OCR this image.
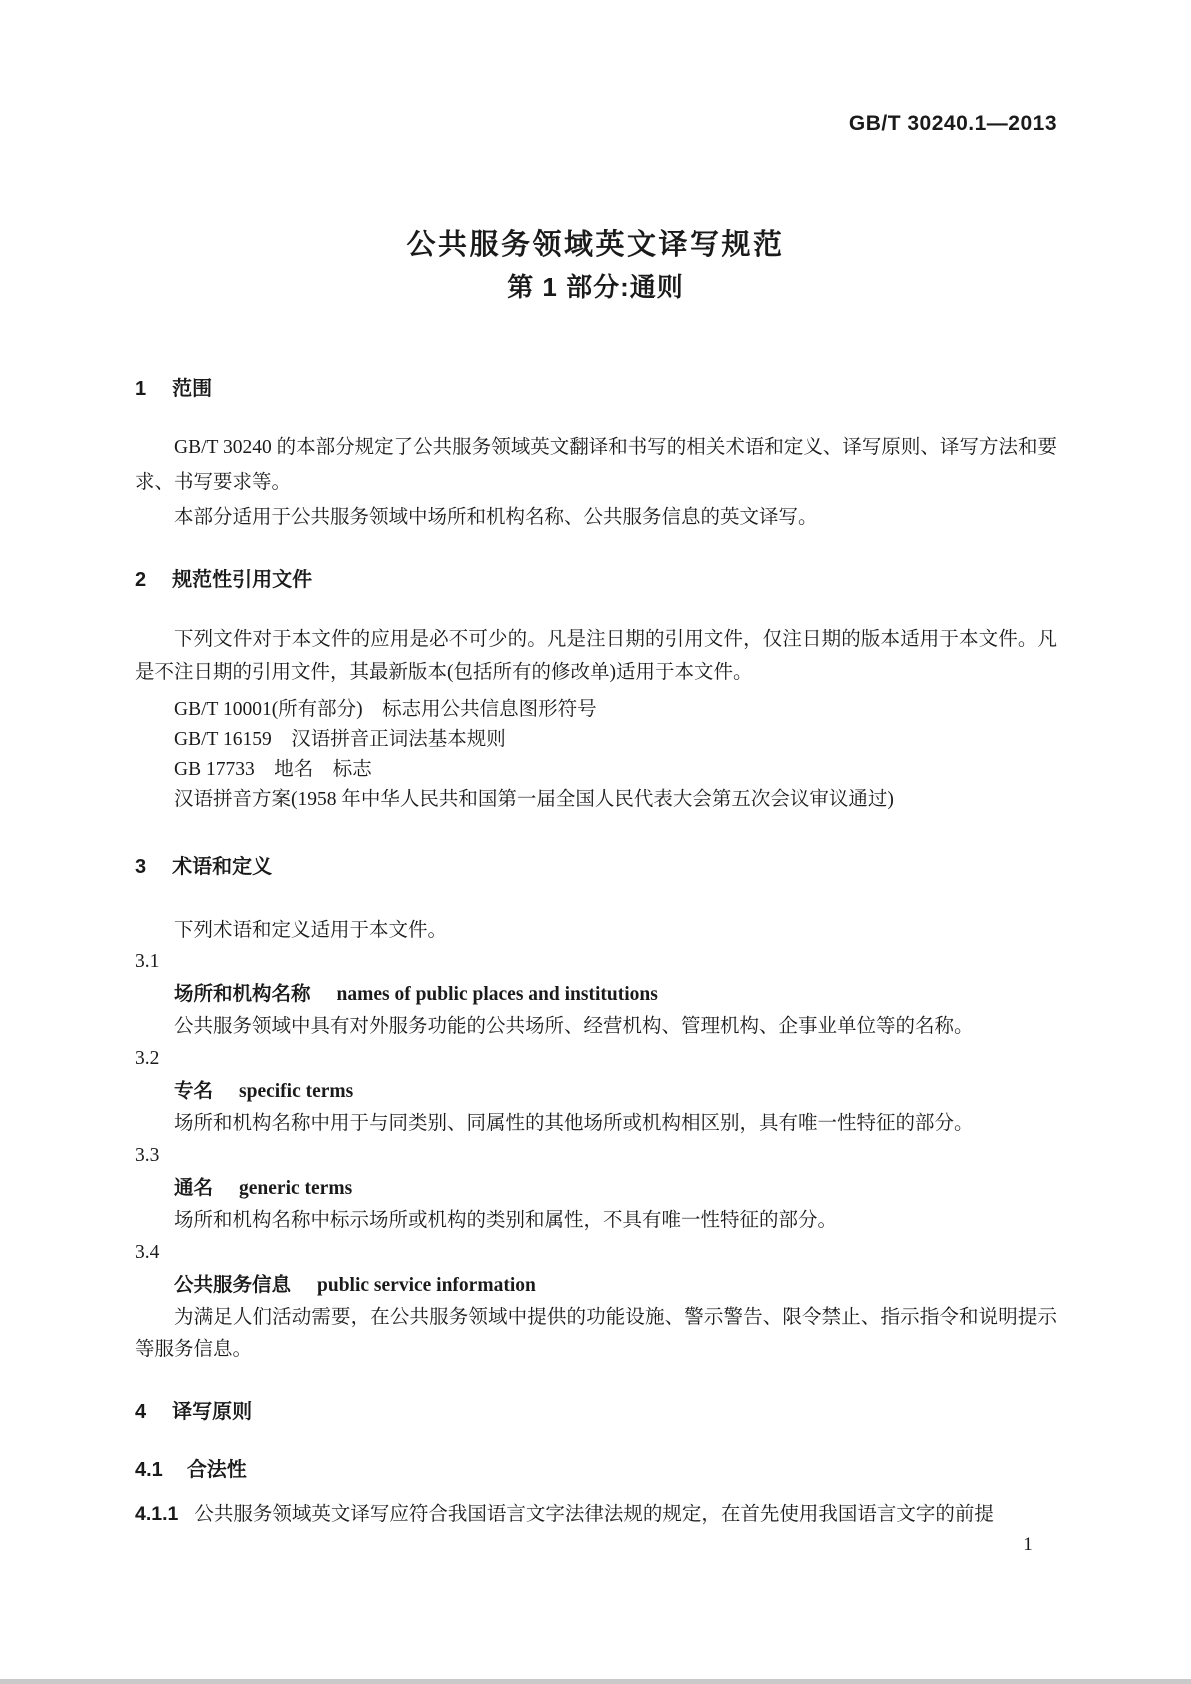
GB/T 30240.1—2013
公共服务领域英文译写规范
第 1 部分:通则
1 范围

GB/T 30240 的本部分规定了公共服务领域英文翻译和书写的相关术语和定义、译写原则、译写方法和要求、书写要求等。

本部分适用于公共服务领域中场所和机构名称、公共服务信息的英文译写。

2 规范性引用文件

下列文件对于本文件的应用是必不可少的。凡是注日期的引用文件，仅注日期的版本适用于本文件。凡是不注日期的引用文件，其最新版本(包括所有的修改单)适用于本文件。

GB/T 10001(所有部分)　标志用公共信息图形符号
GB/T 16159　汉语拼音正词法基本规则
GB 17733　地名　标志
汉语拼音方案(1958 年中华人民共和国第一届全国人民代表大会第五次会议审议通过)
3 术语和定义

下列术语和定义适用于本文件。

3.1
场所和机构名称 names of public places and institutions
公共服务领域中具有对外服务功能的公共场所、经营机构、管理机构、企事业单位等的名称。
3.2
专名 specific terms
场所和机构名称中用于与同类别、同属性的其他场所或机构相区别，具有唯一性特征的部分。
3.3
通名 generic terms
场所和机构名称中标示场所或机构的类别和属性，不具有唯一性特征的部分。
3.4
公共服务信息 public service information
为满足人们活动需要，在公共服务领域中提供的功能设施、警示警告、限令禁止、指示指令和说明提示等服务信息。
4 译写原则
4.1 合法性

4.1.1 公共服务领域英文译写应符合我国语言文字法律法规的规定，在首先使用我国语言文字的前提

1
